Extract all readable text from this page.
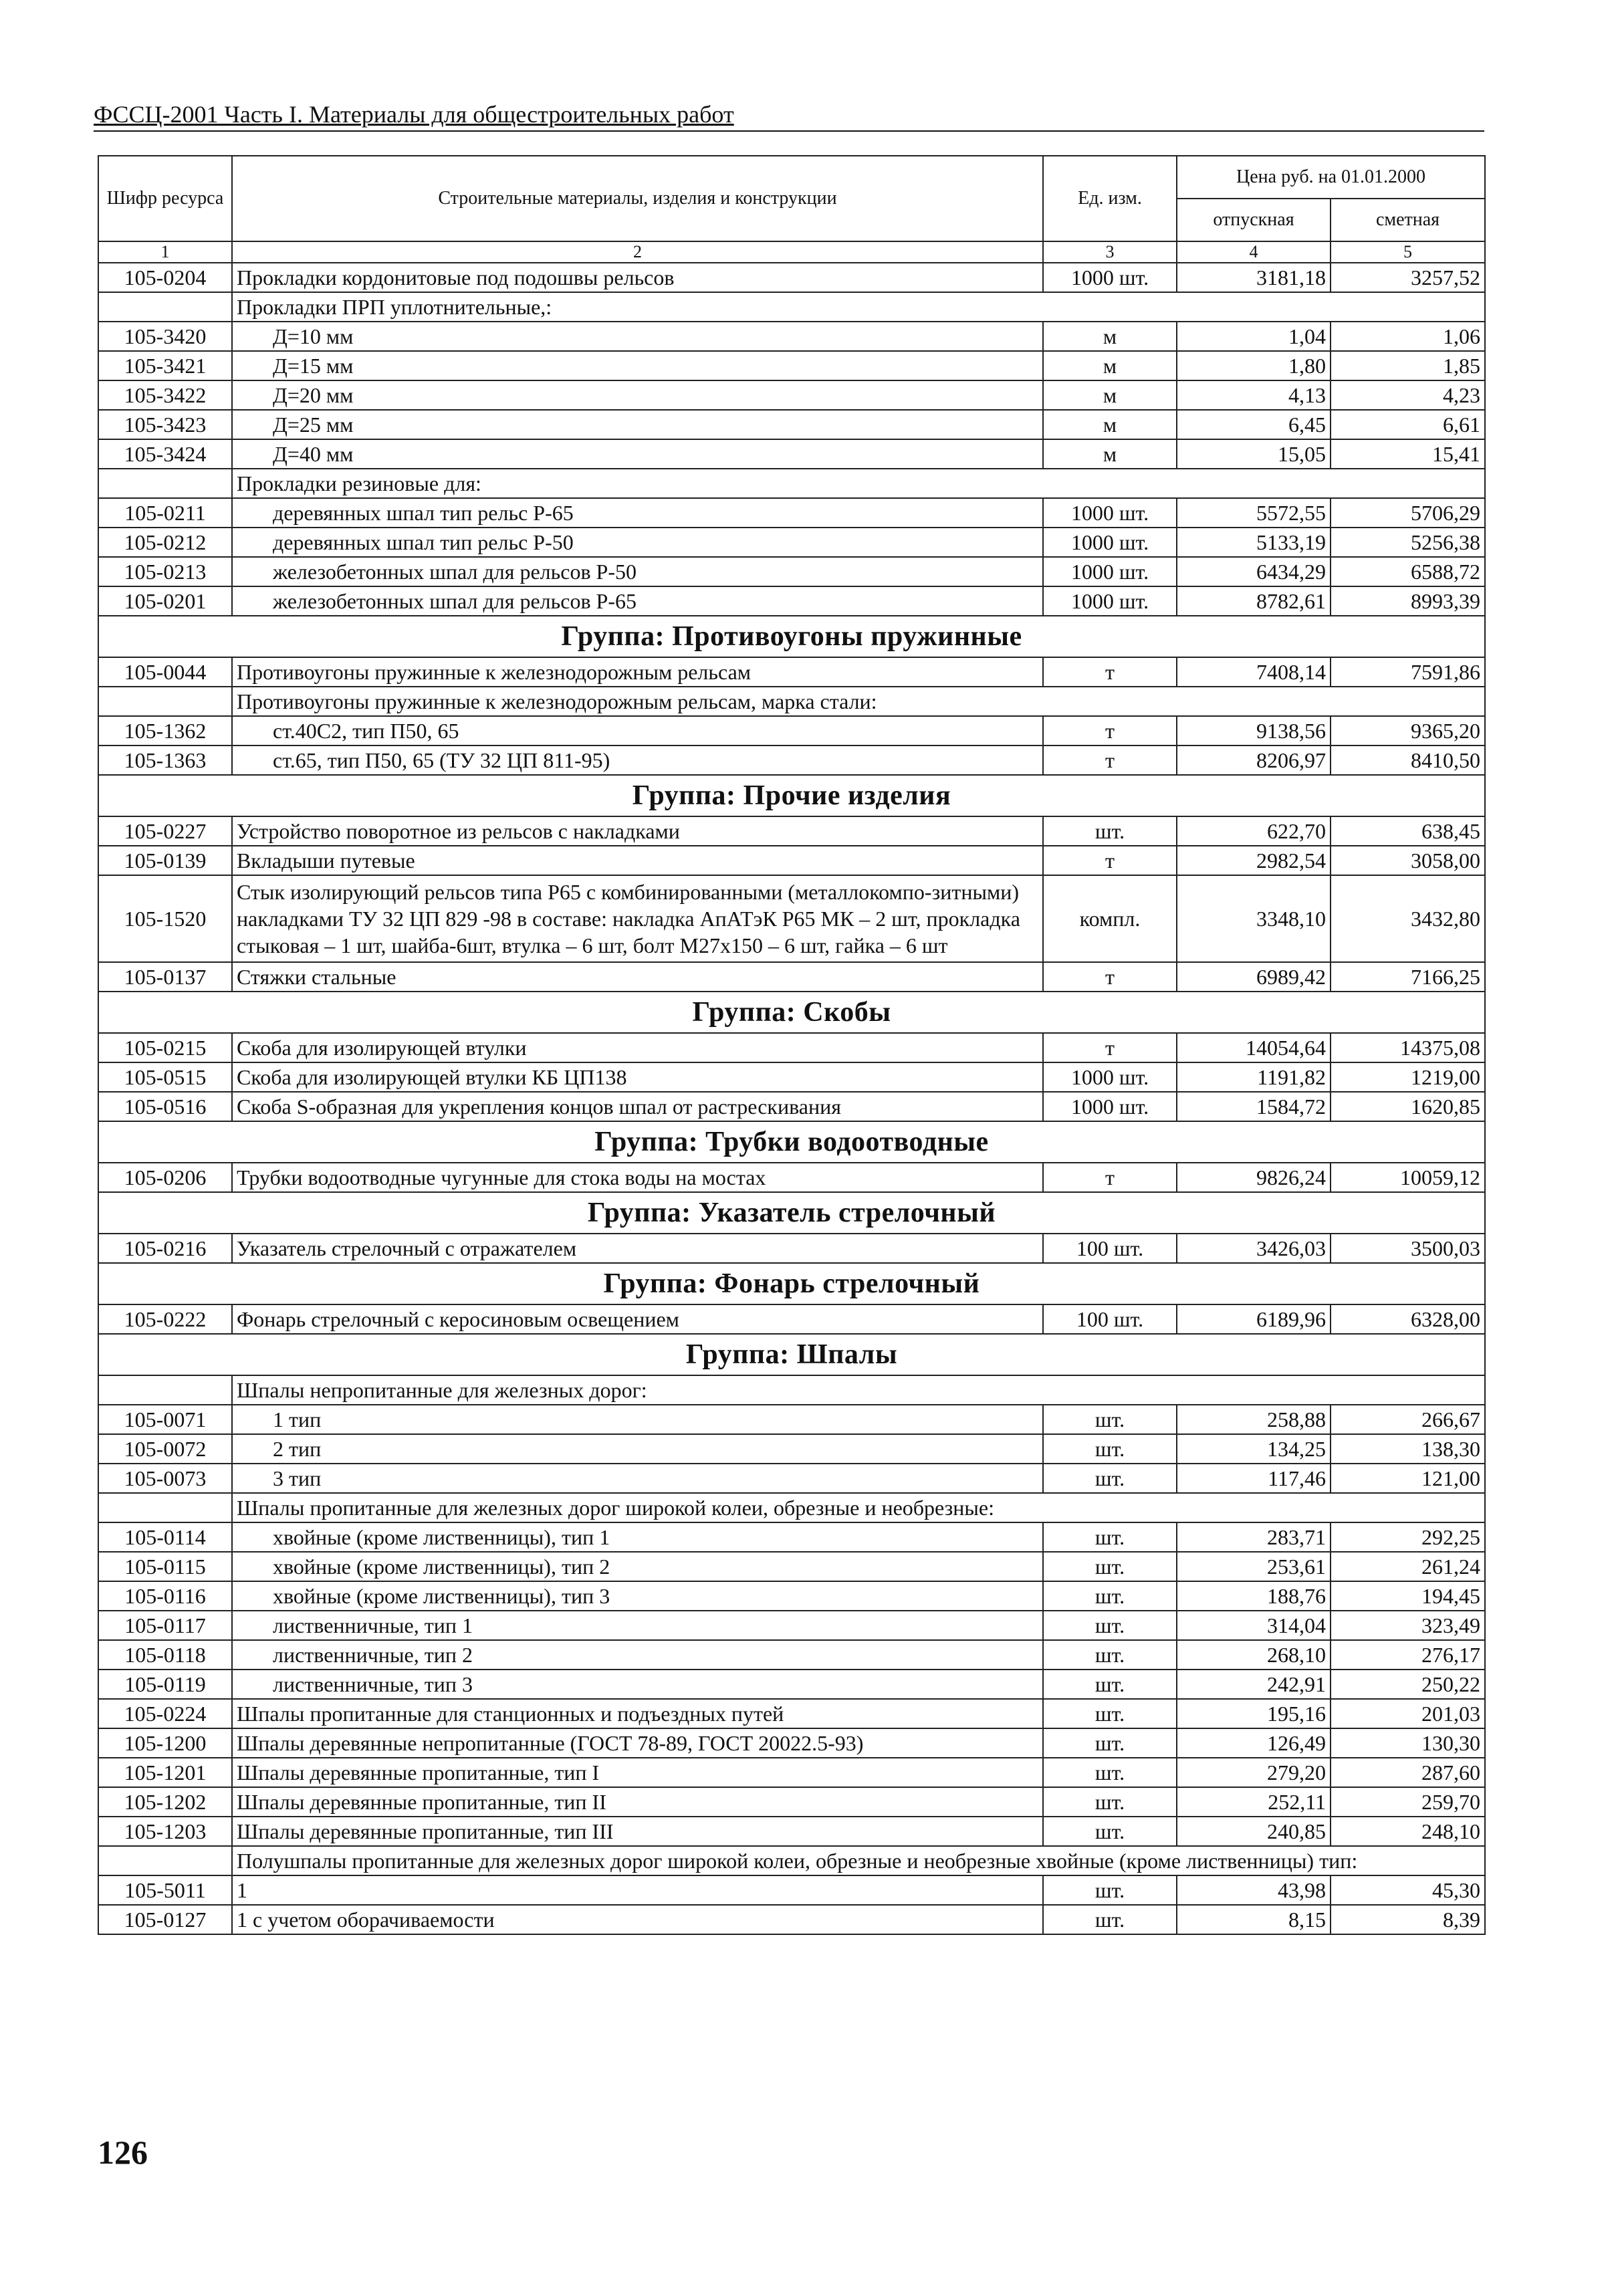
ФССЦ-2001 Часть I. Материалы для общестроительных работ
Шифр ресурса	Строительные материалы, изделия и конструкции	Ед. изм.	Цена руб. на 01.01.2000	
			отпускная	сметная
1	2	3	4	5
105-0204	Прокладки кордонитовые под подошвы рельсов	1000 шт.	3181,18	3257,52
	Прокладки ПРП уплотнительные,:			
105-3420	Д=10 мм	м	1,04	1,06
105-3421	Д=15 мм	м	1,80	1,85
105-3422	Д=20 мм	м	4,13	4,23
105-3423	Д=25 мм	м	6,45	6,61
105-3424	Д=40 мм	м	15,05	15,41
	Прокладки резиновые для:			
105-0211	деревянных шпал тип рельс Р-65	1000 шт.	5572,55	5706,29
105-0212	деревянных шпал тип рельс Р-50	1000 шт.	5133,19	5256,38
105-0213	железобетонных шпал для рельсов Р-50	1000 шт.	6434,29	6588,72
105-0201	железобетонных шпал для рельсов Р-65	1000 шт.	8782,61	8993,39
Группа: Противоугоны пружинные				
105-0044	Противоугоны пружинные к железнодорожным рельсам	т	7408,14	7591,86
	Противоугоны пружинные к железнодорожным рельсам, марка стали:			
105-1362	ст.40С2, тип П50, 65	т	9138,56	9365,20
105-1363	ст.65, тип П50, 65 (ТУ 32 ЦП 811-95)	т	8206,97	8410,50
Группа: Прочие изделия				
105-0227	Устройство поворотное из рельсов с накладками	шт.	622,70	638,45
105-0139	Вкладыши путевые	т	2982,54	3058,00
105-1520	Стык изолирующий рельсов типа Р65 с комбинированными (металлокомпо-зитными) накладками ТУ 32 ЦП 829 -98 в составе: накладка АпАТэК Р65 МК – 2 шт, прокладка стыковая – 1 шт, шайба-6шт, втулка – 6 шт, болт М27х150 – 6 шт, гайка – 6 шт	компл.	3348,10	3432,80
105-0137	Стяжки стальные	т	6989,42	7166,25
Группа: Скобы				
105-0215	Скоба для изолирующей втулки	т	14054,64	14375,08
105-0515	Скоба для изолирующей втулки КБ ЦП138	1000 шт.	1191,82	1219,00
105-0516	Скоба S-образная для укрепления концов шпал от растрескивания	1000 шт.	1584,72	1620,85
Группа: Трубки водоотводные				
105-0206	Трубки водоотводные чугунные для стока воды на мостах	т	9826,24	10059,12
Группа: Указатель стрелочный				
105-0216	Указатель стрелочный с отражателем	100 шт.	3426,03	3500,03
Группа: Фонарь стрелочный				
105-0222	Фонарь стрелочный с керосиновым освещением	100 шт.	6189,96	6328,00
Группа: Шпалы				
	Шпалы непропитанные для железных дорог:			
105-0071	1 тип	шт.	258,88	266,67
105-0072	2 тип	шт.	134,25	138,30
105-0073	3 тип	шт.	117,46	121,00
	Шпалы пропитанные для железных дорог широкой колеи, обрезные и необрезные:			
105-0114	хвойные (кроме лиственницы), тип 1	шт.	283,71	292,25
105-0115	хвойные (кроме лиственницы), тип 2	шт.	253,61	261,24
105-0116	хвойные (кроме лиственницы), тип 3	шт.	188,76	194,45
105-0117	лиственничные, тип 1	шт.	314,04	323,49
105-0118	лиственничные, тип 2	шт.	268,10	276,17
105-0119	лиственничные, тип 3	шт.	242,91	250,22
105-0224	Шпалы пропитанные для станционных и подъездных путей	шт.	195,16	201,03
105-1200	Шпалы деревянные непропитанные (ГОСТ 78-89, ГОСТ 20022.5-93)	шт.	126,49	130,30
105-1201	Шпалы деревянные пропитанные, тип I	шт.	279,20	287,60
105-1202	Шпалы деревянные пропитанные, тип II	шт.	252,11	259,70
105-1203	Шпалы деревянные пропитанные, тип III	шт.	240,85	248,10
	Полушпалы пропитанные для железных дорог широкой колеи, обрезные и необрезные хвойные (кроме лиственницы) тип:			
105-5011	1	шт.	43,98	45,30
105-0127	1 с учетом оборачиваемости	шт.	8,15	8,39
126
